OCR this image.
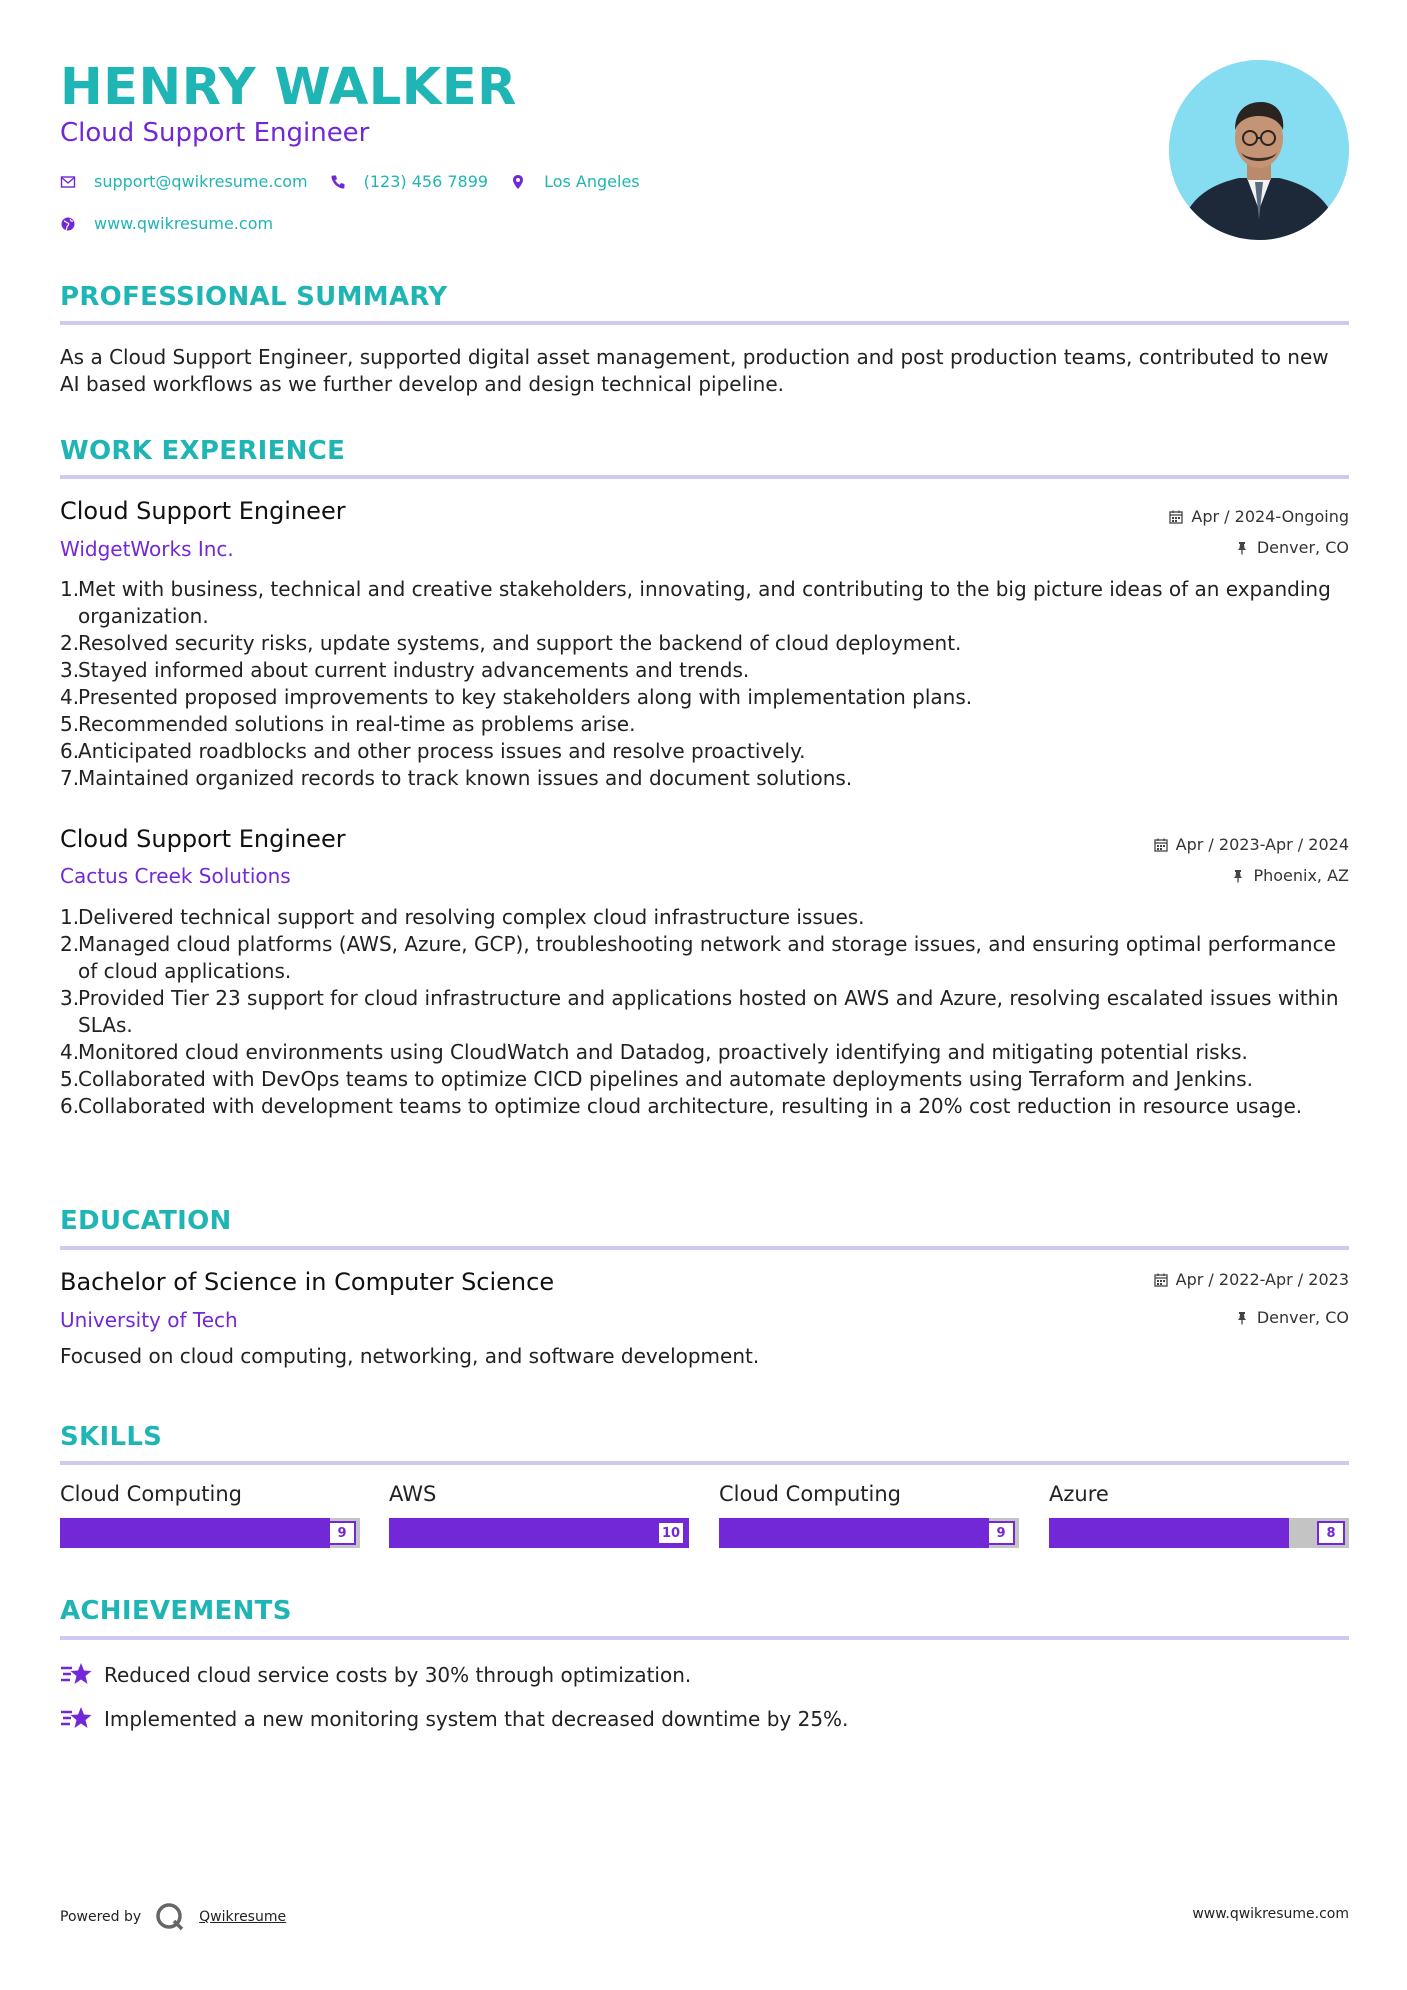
HENRY WALKER
Cloud Support Engineer
support@qwikresume.com	(123) 456 7899	Los Angeles
www.qwikresume.com
PROFESSIONAL SUMMARY
As a Cloud Support Engineer, supported digital asset management, production and post production teams, contributed to new AI based workflows as we further develop and design technical pipeline.
WORK EXPERIENCE
Cloud Support Engineer
WidgetWorks Inc.
Apr / 2024-Ongoing
Denver, CO
1.
Met with business, technical and creative stakeholders, innovating, and contributing to the big picture ideas of an expanding organization.
2.
Resolved security risks, update systems, and support the backend of cloud deployment.
3.
Stayed informed about current industry advancements and trends.
4.
Presented proposed improvements to key stakeholders along with implementation plans.
5.
Recommended solutions in real-time as problems arise.
6.
Anticipated roadblocks and other process issues and resolve proactively.
7.
Maintained organized records to track known issues and document solutions.
Cloud Support Engineer
Cactus Creek Solutions
Apr / 2023-Apr / 2024
Phoenix, AZ
1.
Delivered technical support and resolving complex cloud infrastructure issues.
2.
Managed cloud platforms (AWS, Azure, GCP), troubleshooting network and storage issues, and ensuring optimal performance of cloud applications.
3.
Provided Tier 23 support for cloud infrastructure and applications hosted on AWS and Azure, resolving escalated issues within SLAs.
4.
Monitored cloud environments using CloudWatch and Datadog, proactively identifying and mitigating potential risks.
5.
Collaborated with DevOps teams to optimize CICD pipelines and automate deployments using Terraform and Jenkins.
6.
Collaborated with development teams to optimize cloud architecture, resulting in a 20% cost reduction in resource usage.
EDUCATION
Bachelor of Science in Computer Science
University of Tech
Apr / 2022-Apr / 2023
Denver, CO
Focused on cloud computing, networking, and software development.
SKILLS
Cloud Computing
9
AWS
10
Cloud Computing
9
Azure
8
ACHIEVEMENTS
Reduced cloud service costs by 30% through optimization.
Implemented a new monitoring system that decreased downtime by 25%.
Powered by	Qwikresume	www.qwikresume.com
